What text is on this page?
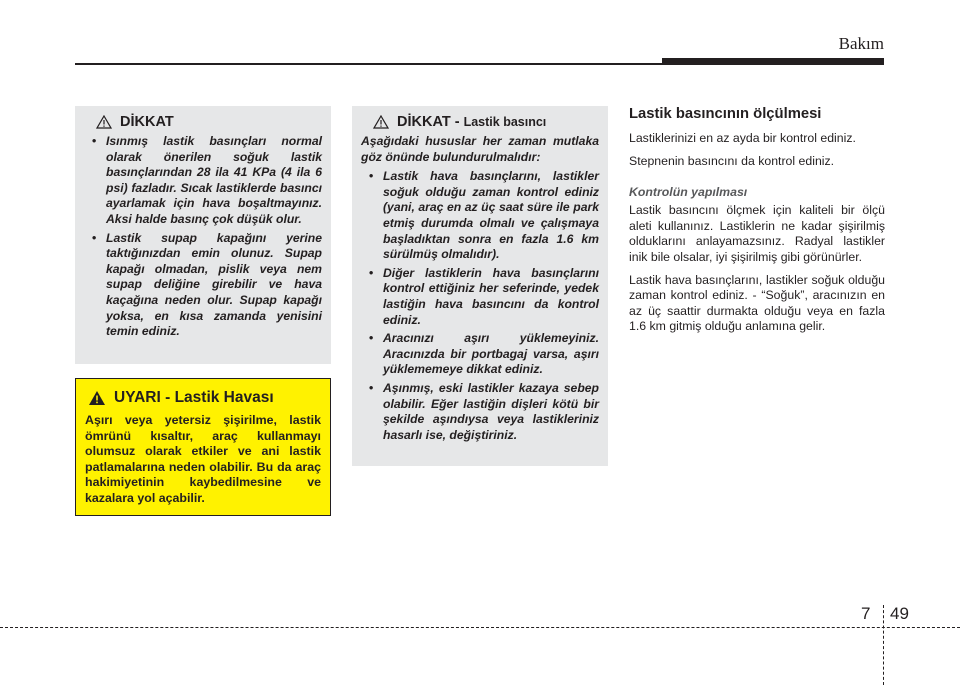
Bakım
DİKKAT
• Isınmış lastik basınçları normal olarak önerilen soğuk lastik basınçlarından 28 ila 41 KPa (4 ila 6 psi) fazladır. Sıcak lastiklerde basıncı ayarlamak için hava boşaltmayınız. Aksi halde basınç çok düşük olur.
• Lastik supap kapağını yerine taktığınızdan emin olunuz. Supap kapağı olmadan, pislik veya nem supap deliğine girebilir ve hava kaçağına neden olur. Supap kapağı yoksa, en kısa zamanda yenisini temin ediniz.
UYARI - Lastik Havası

Aşırı veya yetersiz şişirilme, lastik ömrünü kısaltır, araç kullanmayı olumsuz olarak etkiler ve ani lastik patlamalarına neden olabilir. Bu da araç hakimiyetinin kaybedilmesine ve kazalara yol açabilir.

DİKKAT - Lastik basıncı

Aşağıdaki hususlar her zaman mutlaka göz önünde bulundurulmalıdır:

• Lastik hava basınçlarını, lastikler soğuk olduğu zaman kontrol ediniz (yani, araç en az üç saat süre ile park etmiş durumda olmalı ve çalışmaya başladıktan sonra en fazla 1.6 km sürülmüş olmalıdır).
• Diğer lastiklerin hava basınçlarını kontrol ettiğiniz her seferinde, yedek lastiğin hava basıncını da kontrol ediniz.
• Aracınızı aşırı yüklemeyiniz. Aracınızda bir portbagaj varsa, aşırı yüklememeye dikkat ediniz.
• Aşınmış, eski lastikler kazaya sebep olabilir. Eğer lastiğin dişleri kötü bir şekilde aşındıysa veya lastikleriniz hasarlı ise, değiştiriniz.
Lastik basıncının ölçülmesi

Lastiklerinizi en az ayda bir kontrol ediniz.

Stepnenin basıncını da kontrol ediniz.

Kontrolün yapılması

Lastik basıncını ölçmek için kaliteli bir ölçü aleti kullanınız. Lastiklerin ne kadar şişirilmiş olduklarını anlayamazsınız. Radyal lastikler inik bile olsalar, iyi şişirilmiş gibi görünürler.

Lastik hava basınçlarını, lastikler soğuk olduğu zaman kontrol ediniz. - “Soğuk”, aracınızın en az üç saattir durmakta olduğu veya en fazla 1.6 km gitmiş olduğu anlamına gelir.

7 49
